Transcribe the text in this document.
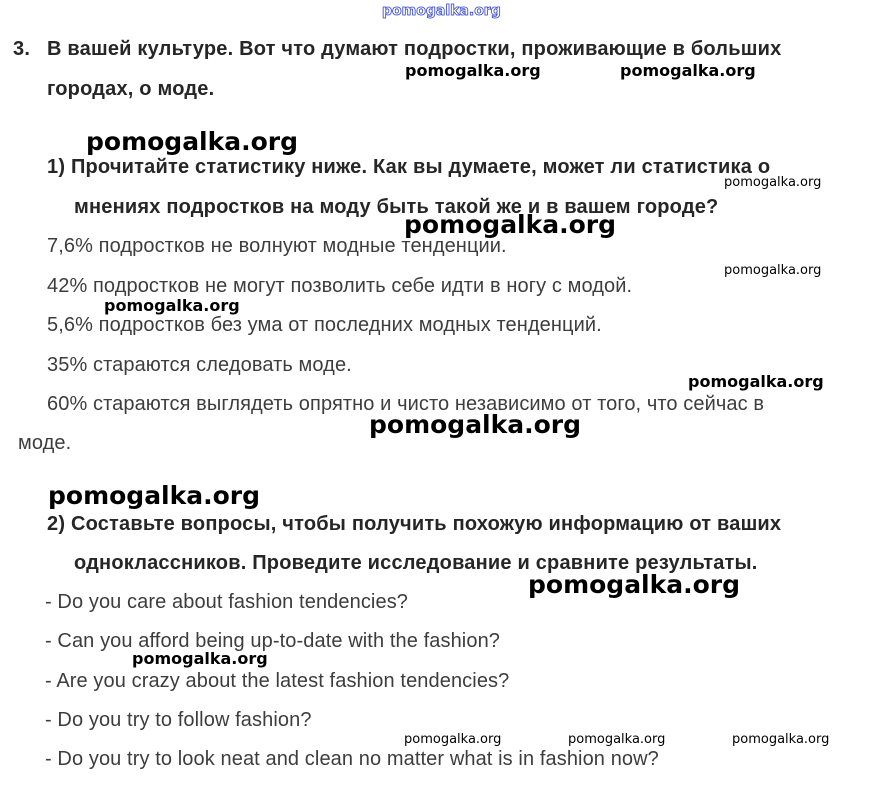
pomogalka.org
3. В вашей культуре. Вот что думают подростки, проживающие в больших
городах, о моде.
1) Прочитайте статистику ниже. Как вы думаете, может ли статистика о
мнениях подростков на моду быть такой же и в вашем городе?
7,6% подростков не волнуют модные тенденции.
42% подростков не могут позволить себе идти в ногу с модой.
5,6% подростков без ума от последних модных тенденций.
35% стараются следовать моде.
60% стараются выглядеть опрятно и чисто независимо от того, что сейчас в
моде.
2) Составьте вопросы, чтобы получить похожую информацию от ваших
одноклассников. Проведите исследование и сравните результаты.
- Do you care about fashion tendencies?
- Can you afford being up-to-date with the fashion?
- Are you crazy about the latest fashion tendencies?
- Do you try to follow fashion?
- Do you try to look neat and clean no matter what is in fashion now?
pomogalka.org	pomogalka.org
pomogalka.org
pomogalka.org
pomogalka.org
pomogalka.org
pomogalka.org
pomogalka.org
pomogalka.org
pomogalka.org
pomogalka.org
pomogalka.org
pomogalka.org	pomogalka.org	pomogalka.org
